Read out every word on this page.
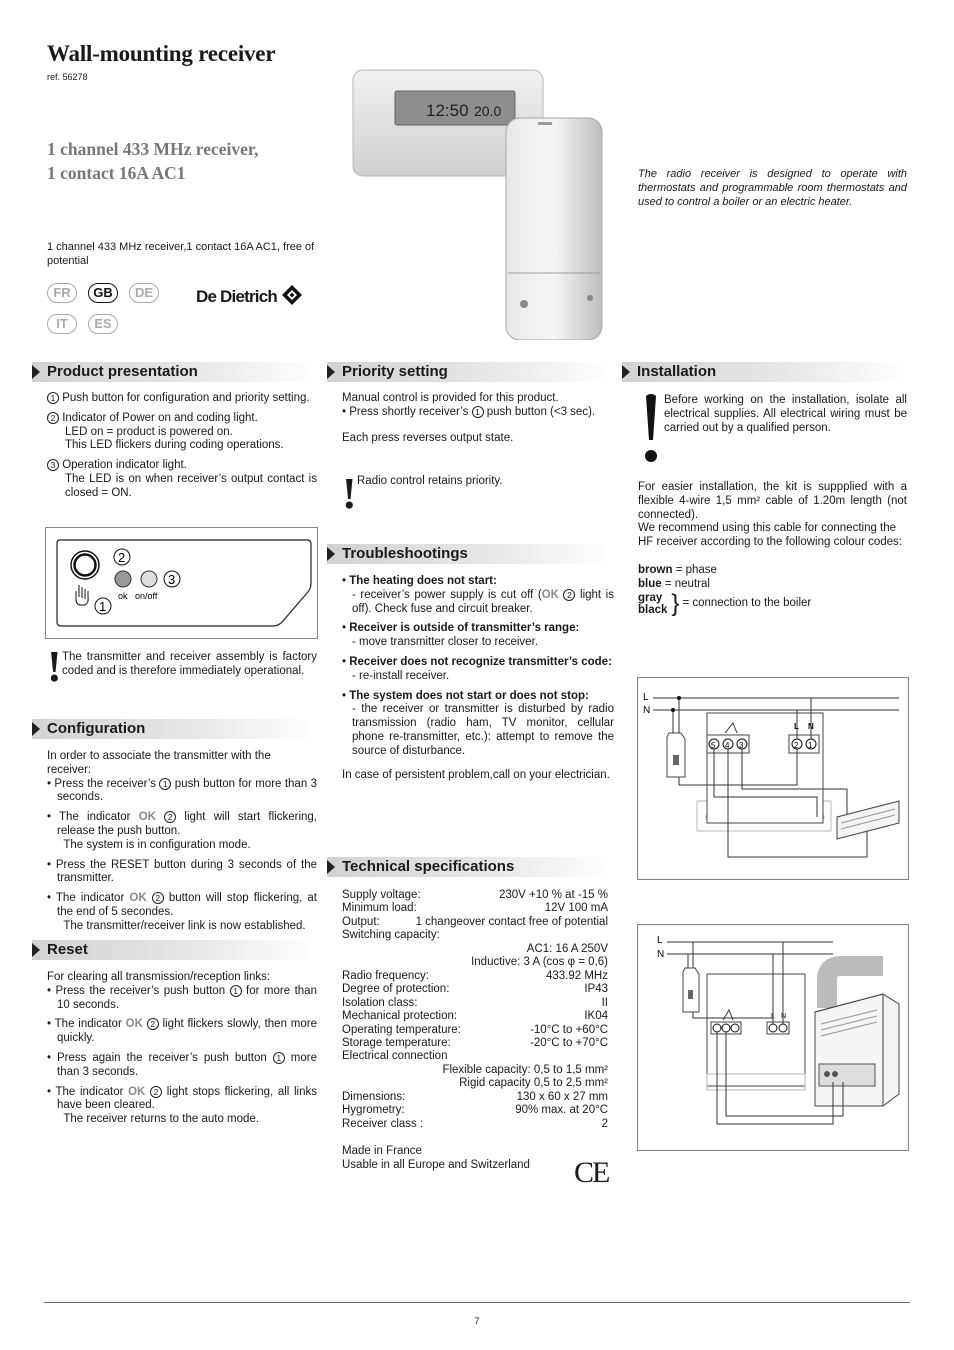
Wall-mounting receiver
ref. 56278
1 channel 433 MHz receiver,
1 contact 16A AC1
1 channel 433 MHz receiver,1 contact 16A AC1, free of potential
FR	GB	DE
IT	ES
De Dietrich
12:50 20.0
The radio receiver is designed to operate with thermostats and programmable room thermostats and used to control a boiler or an electric heater.
Product presentation

1 Push button for configuration and priority setting.

2 Indicator of Power on and coding light.
LED on = product is powered on.
This LED flickers during coding operations.

3 Operation indicator light.
The LED is on when receiver’s output contact is closed = ON.

2
3
1
ok on/off
! The transmitter and receiver assembly is factory coded and is therefore immediately operational.
Configuration
In order to associate the transmitter with the receiver:

• Press the receiver’s 1 push button for more than 3 seconds.

• The indicator OK 2 light will start flickering, release the push button.
The system is in configuration mode.

• Press the RESET button during 3 seconds of the transmitter.

• The indicator OK 2 button will stop flickering, at the end of 5 secondes.
The transmitter/receiver link is now established.

Reset
For clearing all transmission/reception links:

• Press the receiver’s push button 1 for more than 10 seconds.

• The indicator OK 2 light flickers slowly, then more quickly.

• Press again the receiver’s push button 1 more than 3 seconds.

• The indicator OK 2 light stops flickering, all links have been cleared.
The receiver returns to the auto mode.

Priority setting
Manual control is provided for this product.

• Press shortly receiver’s 1 push button (<3 sec).

Each press reverses output state.

! Radio control retains priority.
Troubleshootings

• The heating does not start:
- receiver’s power supply is cut off (OK 2 light is off). Check fuse and circuit breaker.

• Receiver is outside of transmitter’s range:
- move transmitter closer to receiver.

• Receiver does not recognize transmitter’s code:
- re-install receiver.

• The system does not start or does not stop:
- the receiver or transmitter is disturbed by radio transmission (radio ham, TV monitor, cellular phone re-transmitter, etc.): attempt to remove the source of disturbance.

In case of persistent problem,call on your electrician.

Technical specifications
Supply voltage:	230V +10 % at -15 %
Minimum load:	12V 100 mA
Output:	1 changeover contact free of potential
Switching capacity:
AC1: 16 A 250V
Inductive: 3 A (cos φ = 0,6)
Radio frequency:	433.92 MHz
Degree of protection:	IP43
Isolation class:	II
Mechanical protection:	IK04
Operating temperature:	-10°C to +60°C
Storage temperature:	-20°C to +70°C
Electrical connection
Flexible capacity: 0,5 to 1,5 mm²
Rigid capacity 0,5 to 2,5 mm²
Dimensions:	130 x 60 x 27 mm
Hygrometry:	90% max. at 20°C
Receiver class :	2
Made in France
Usable in all Europe and Switzerland	CE
Installation
Before working on the installation, isolate all electrical supplies. All electrical wiring must be carried out by a qualified person.
For easier installation, the kit is suppplied with a flexible 4-wire 1,5 mm² cable of 1.20m length (not connected).
We recommend using this cable for connecting the HF receiver according to the following colour codes:
brown = phase
blue = neutral
gray
black } = connection to the boiler
L
N
5 4 3	2 1
L N
L
N
L N
7
